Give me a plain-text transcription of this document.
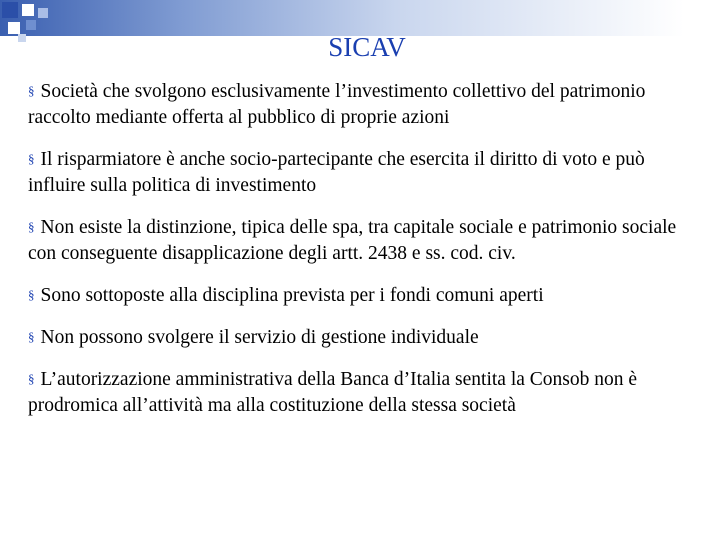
SICAV
§ Società che svolgono esclusivamente l’investimento collettivo del patrimonio raccolto mediante offerta al pubblico di proprie azioni
§ Il risparmiatore è anche socio-partecipante che esercita il diritto di voto e può influire sulla politica di investimento
§ Non esiste la distinzione, tipica delle spa, tra capitale sociale e patrimonio sociale con conseguente disapplicazione degli artt. 2438 e ss. cod. civ.
§ Sono sottoposte alla disciplina prevista per i fondi comuni aperti
§ Non possono svolgere il servizio di gestione individuale
§ L’autorizzazione amministrativa della Banca d’Italia sentita la Consob non è prodromica all’attività ma alla costituzione della stessa società
